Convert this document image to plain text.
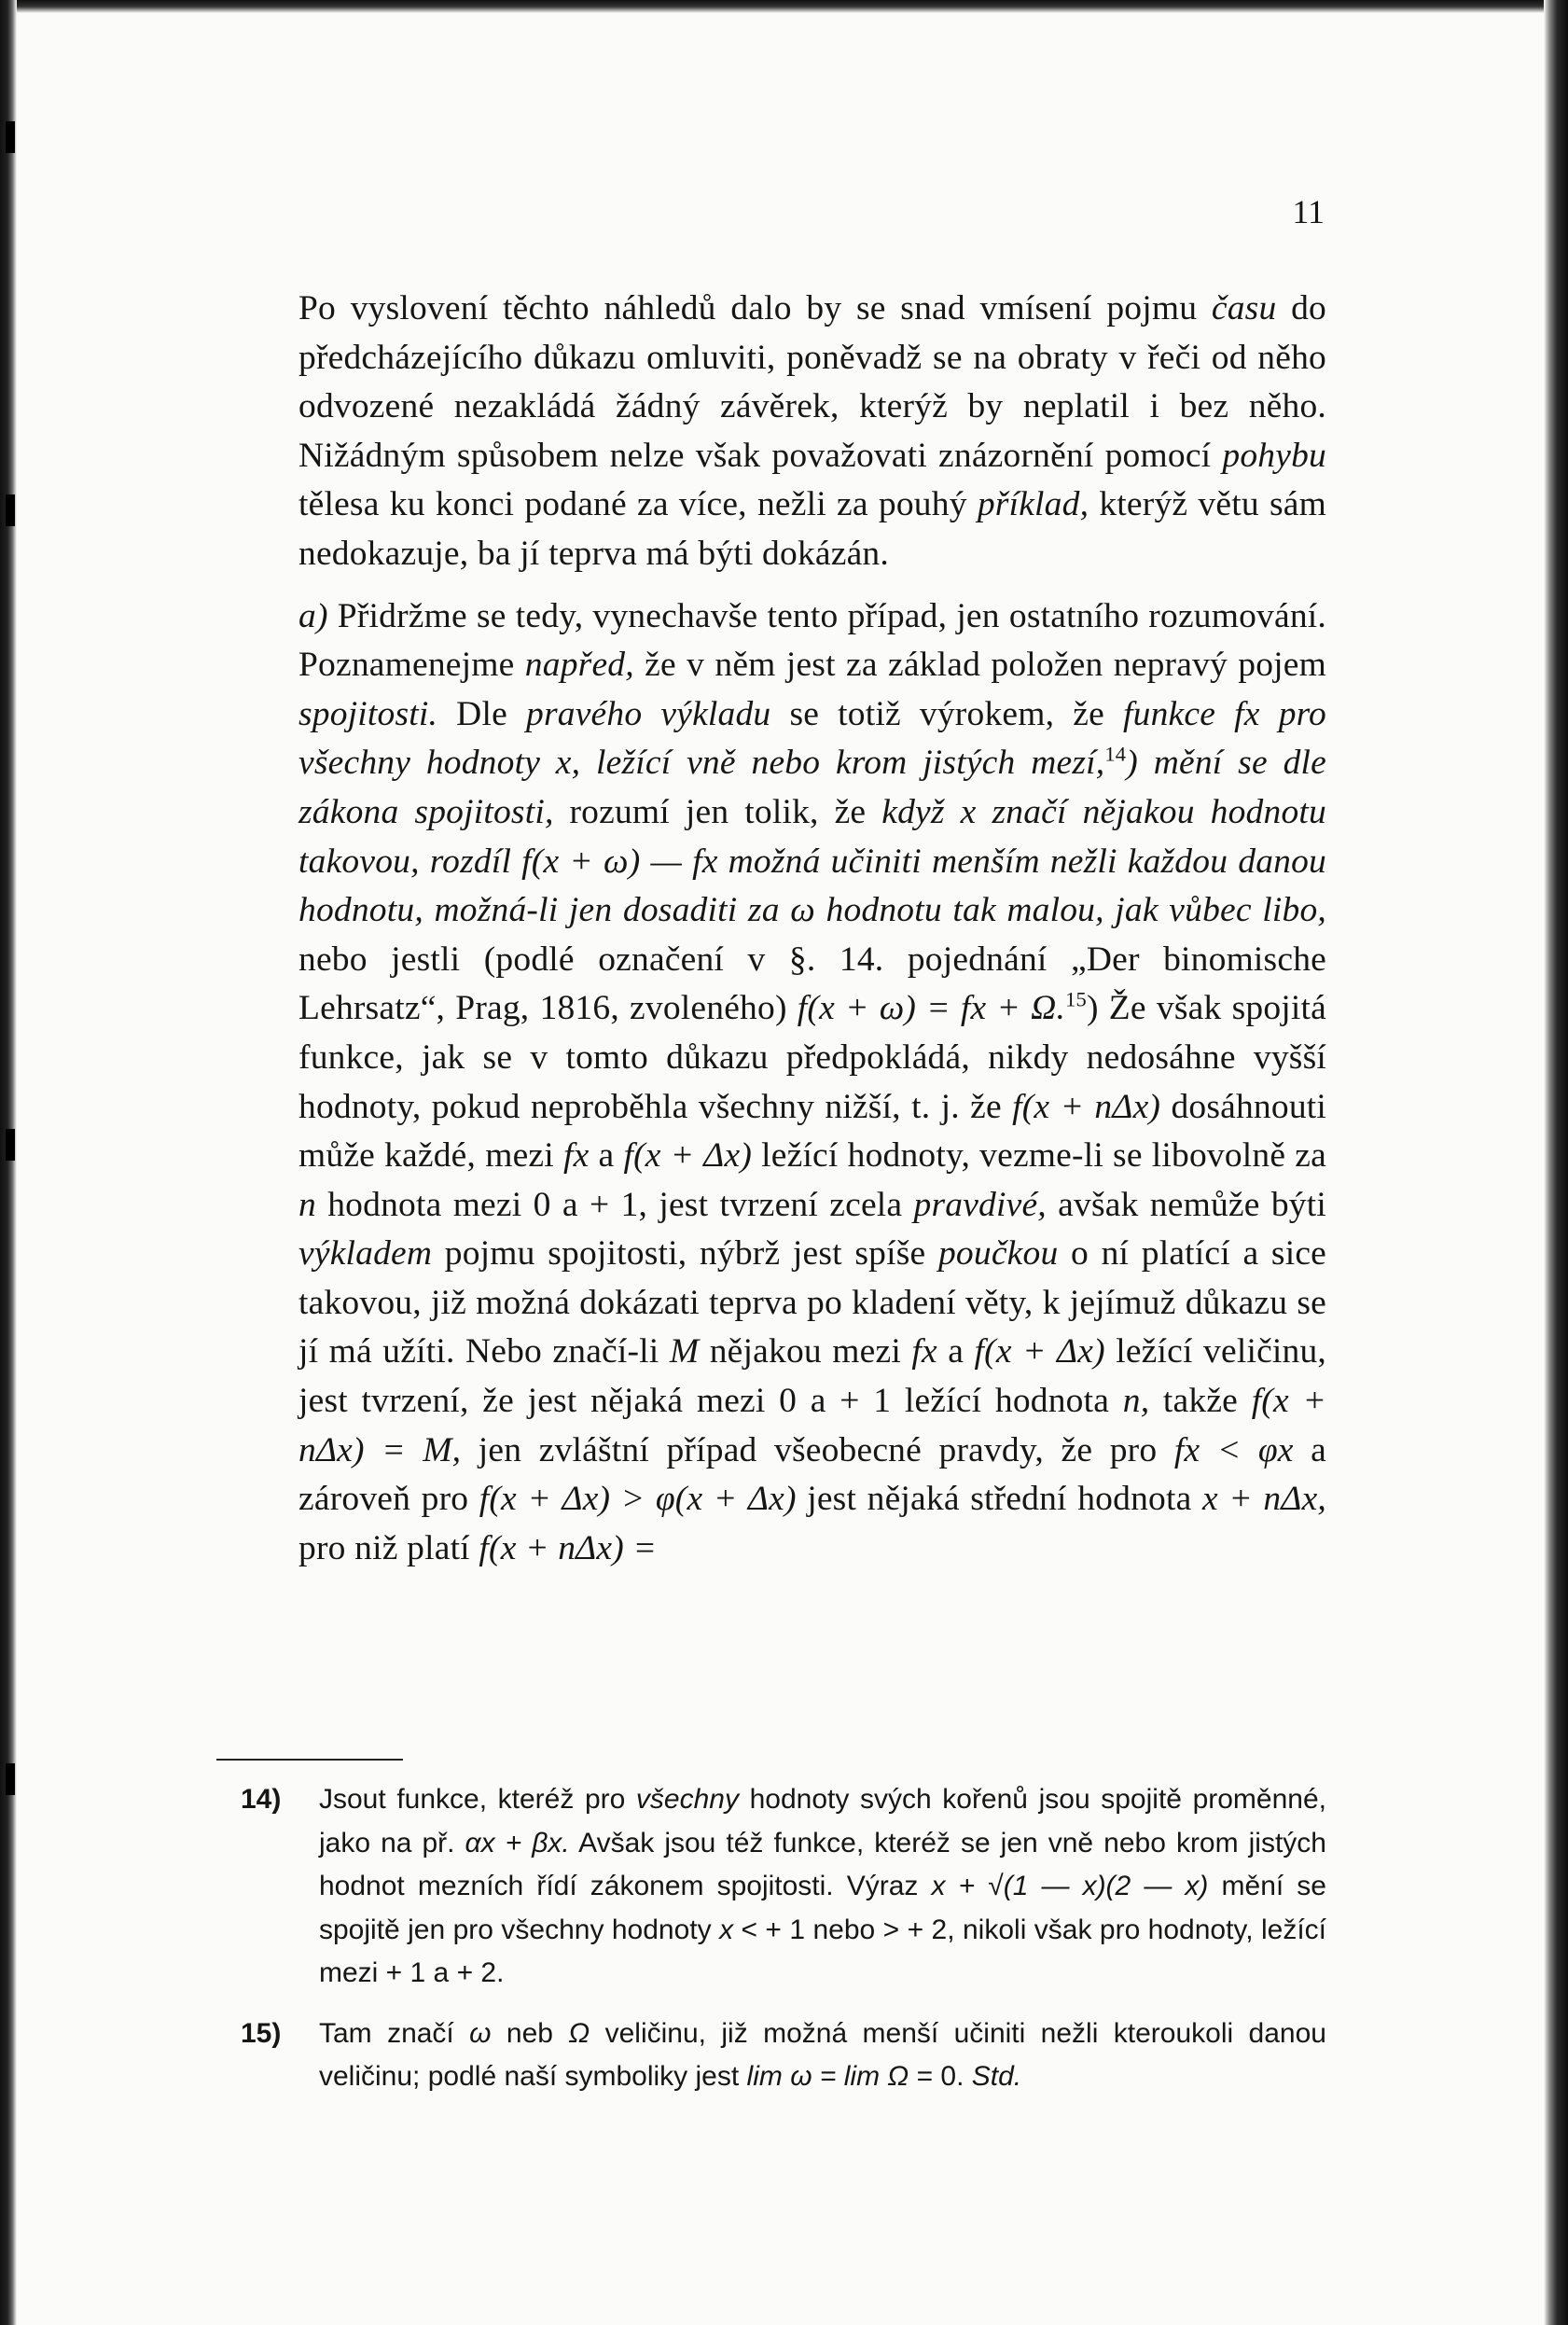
11

Po vyslovení těchto náhledů dalo by se snad vmísení pojmu času do předcházejícího důkazu omluviti, poněvadž se na obraty v řeči od něho odvozené nezakládá žádný závěrek, kterýž by neplatil i bez něho. Nižádným spůsobem nelze však považovati znázornění pomocí pohybu tělesa ku konci podané za více, nežli za pouhý příklad, kterýž větu sám nedokazuje, ba jí teprva má býti dokázán.

a) Přidržme se tedy, vynechavše tento případ, jen ostatního rozumování. Poznamenejme napřed, že v něm jest za základ položen nepravý pojem spojitosti. Dle pravého výkladu se totiž výrokem, že funkce fx pro všechny hodnoty x, ležící vně nebo krom jistých mezí,$^{14}$) mění se dle zákona spojitosti, rozumí jen tolik, že když x značí nějakou hodnotu takovou, rozdíl f(x + ω) — fx možná učiniti menším nežli každou danou hodnotu, možná-li jen dosaditi za ω hodnotu tak malou, jak vůbec libo, nebo jestli (podlé označení v §. 14. pojednání „Der binomische Lehrsatz“, Prag, 1816, zvoleného) f(x + ω) = fx + Ω.$^{15}$) Že však spojitá funkce, jak se v tomto důkazu předpokládá, nikdy nedosáhne vyšší hodnoty, pokud neproběhla všechny nižší, t. j. že f(x + nΔx) dosáhnouti může každé, mezi fx a f(x + Δx) ležící hodnoty, vezme-li se libovolně za n hodnota mezi 0 a + 1, jest tvrzení zcela pravdivé, avšak nemůže býti výkladem pojmu spojitosti, nýbrž jest spíše poučkou o ní platící a sice takovou, již možná dokázati teprva po kladení věty, k jejímuž důkazu se jí má užíti. Nebo značí-li M nějakou mezi fx a f(x + Δx) ležící veličinu, jest tvrzení, že jest nějaká mezi 0 a + 1 ležící hodnota n, takže f(x + nΔx) = M, jen zvláštní případ všeobecné pravdy, že pro fx < φx a zároveň pro f(x + Δx) > φ(x + Δx) jest nějaká střední hodnota x + nΔx, pro niž platí f(x + nΔx) =

14) Jsout funkce, kteréž pro všechny hodnoty svých kořenů jsou spojitě proměnné, jako na př. αx + βx. Avšak jsou též funkce, kteréž se jen vně nebo krom jistých hodnot mezních řídí zákonem spojitosti. Výraz x + √(1 — x)(2 — x) mění se spojitě jen pro všechny hodnoty x < + 1 nebo > + 2, nikoli však pro hodnoty, ležící mezi + 1 a + 2.

15) Tam značí ω neb Ω veličinu, již možná menší učiniti nežli kteroukoli danou veličinu; podlé naší symboliky jest lim ω = lim Ω = 0. Std.
